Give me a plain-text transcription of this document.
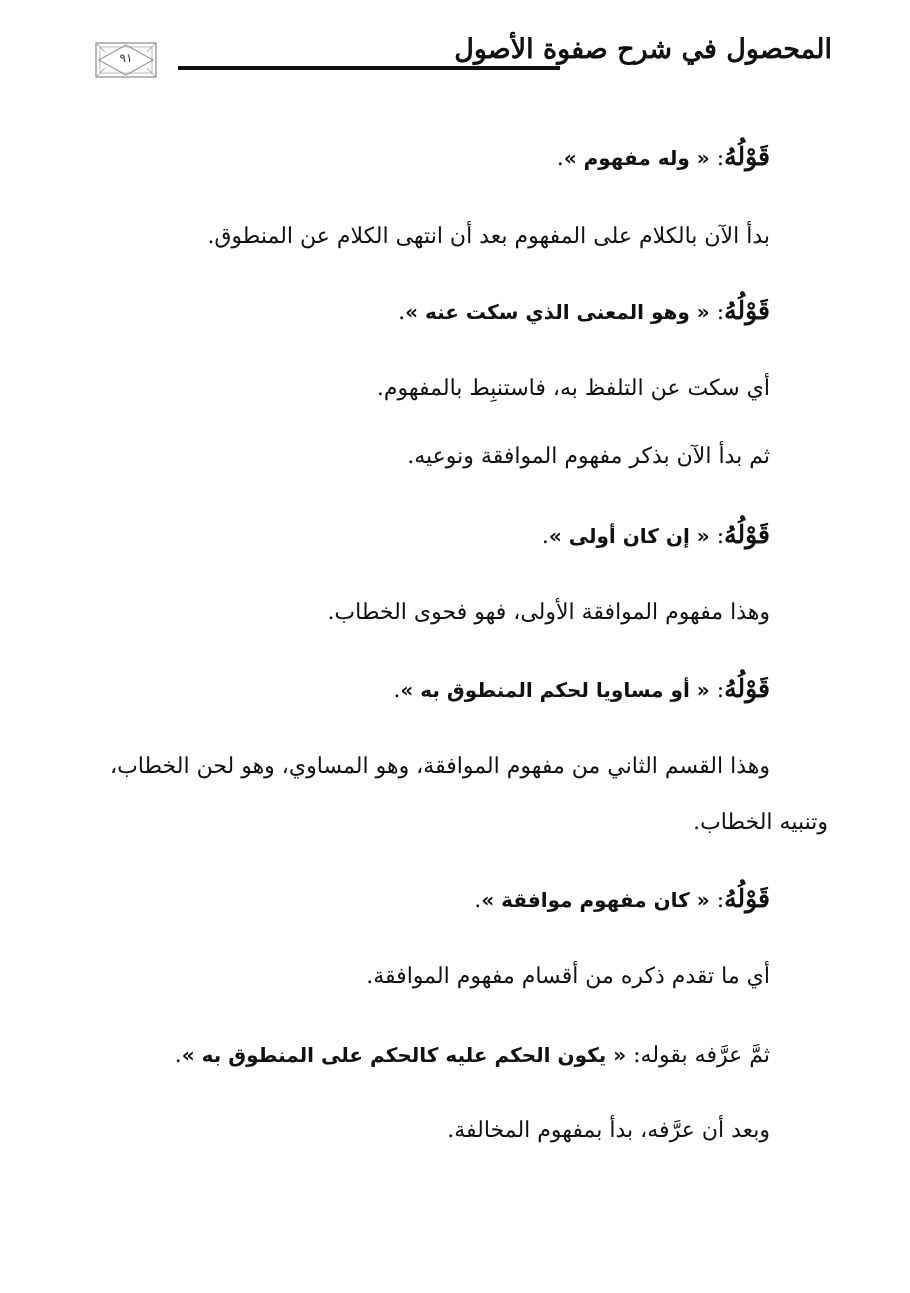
المحصول في شرح صفوة الأصول
٩١
قَوْلُهُ: « وله مفهوم ».
بدأ الآن بالكلام على المفهوم بعد أن انتهى الكلام عن المنطوق.
قَوْلُهُ: « وهو المعنى الذي سكت عنه ».
أي سكت عن التلفظ به، فاستنبِط بالمفهوم.
ثم بدأ الآن بذكر مفهوم الموافقة ونوعيه.
قَوْلُهُ: « إن كان أولى ».
وهذا مفهوم الموافقة الأولى، فهو فحوى الخطاب.
قَوْلُهُ: « أو مساويا لحكم المنطوق به ».
وهذا القسم الثاني من مفهوم الموافقة، وهو المساوي، وهو لحن الخطاب،
وتنبيه الخطاب.
قَوْلُهُ: « كان مفهوم موافقة ».
أي ما تقدم ذكره من أقسام مفهوم الموافقة.
ثمَّ عرَّفه بقوله: « يكون الحكم عليه كالحكم على المنطوق به ».
وبعد أن عرَّفه، بدأ بمفهوم المخالفة.
